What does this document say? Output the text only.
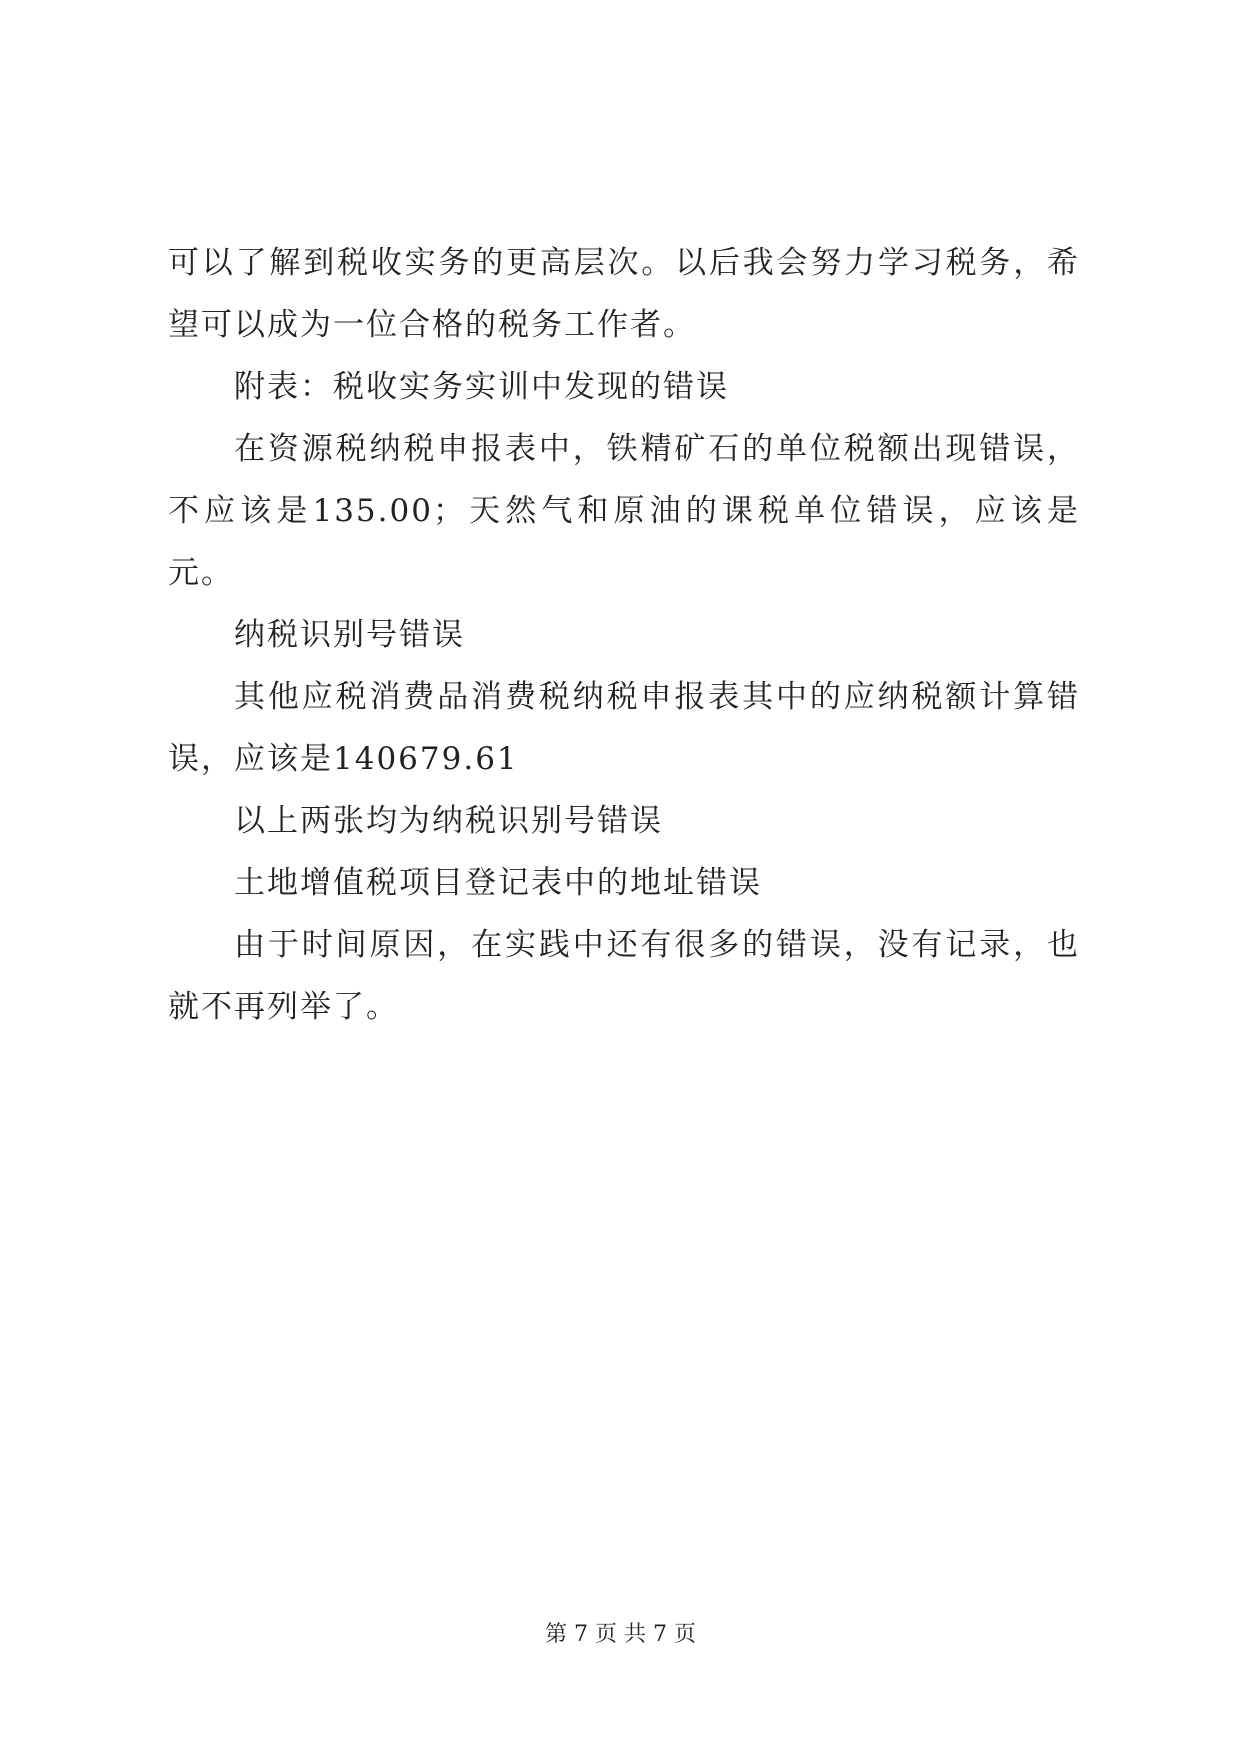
可以了解到税收实务的更高层次。以后我会努力学习税务，希望可以成为一位合格的税务工作者。

附表：税收实务实训中发现的错误

在资源税纳税申报表中，铁精矿石的单位税额出现错误，不应该是135.00；天然气和原油的课税单位错误，应该是元。

纳税识别号错误

其他应税消费品消费税纳税申报表其中的应纳税额计算错误，应该是140679.61

以上两张均为纳税识别号错误

土地增值税项目登记表中的地址错误

由于时间原因，在实践中还有很多的错误，没有记录，也就不再列举了。

第 7 页 共 7 页
